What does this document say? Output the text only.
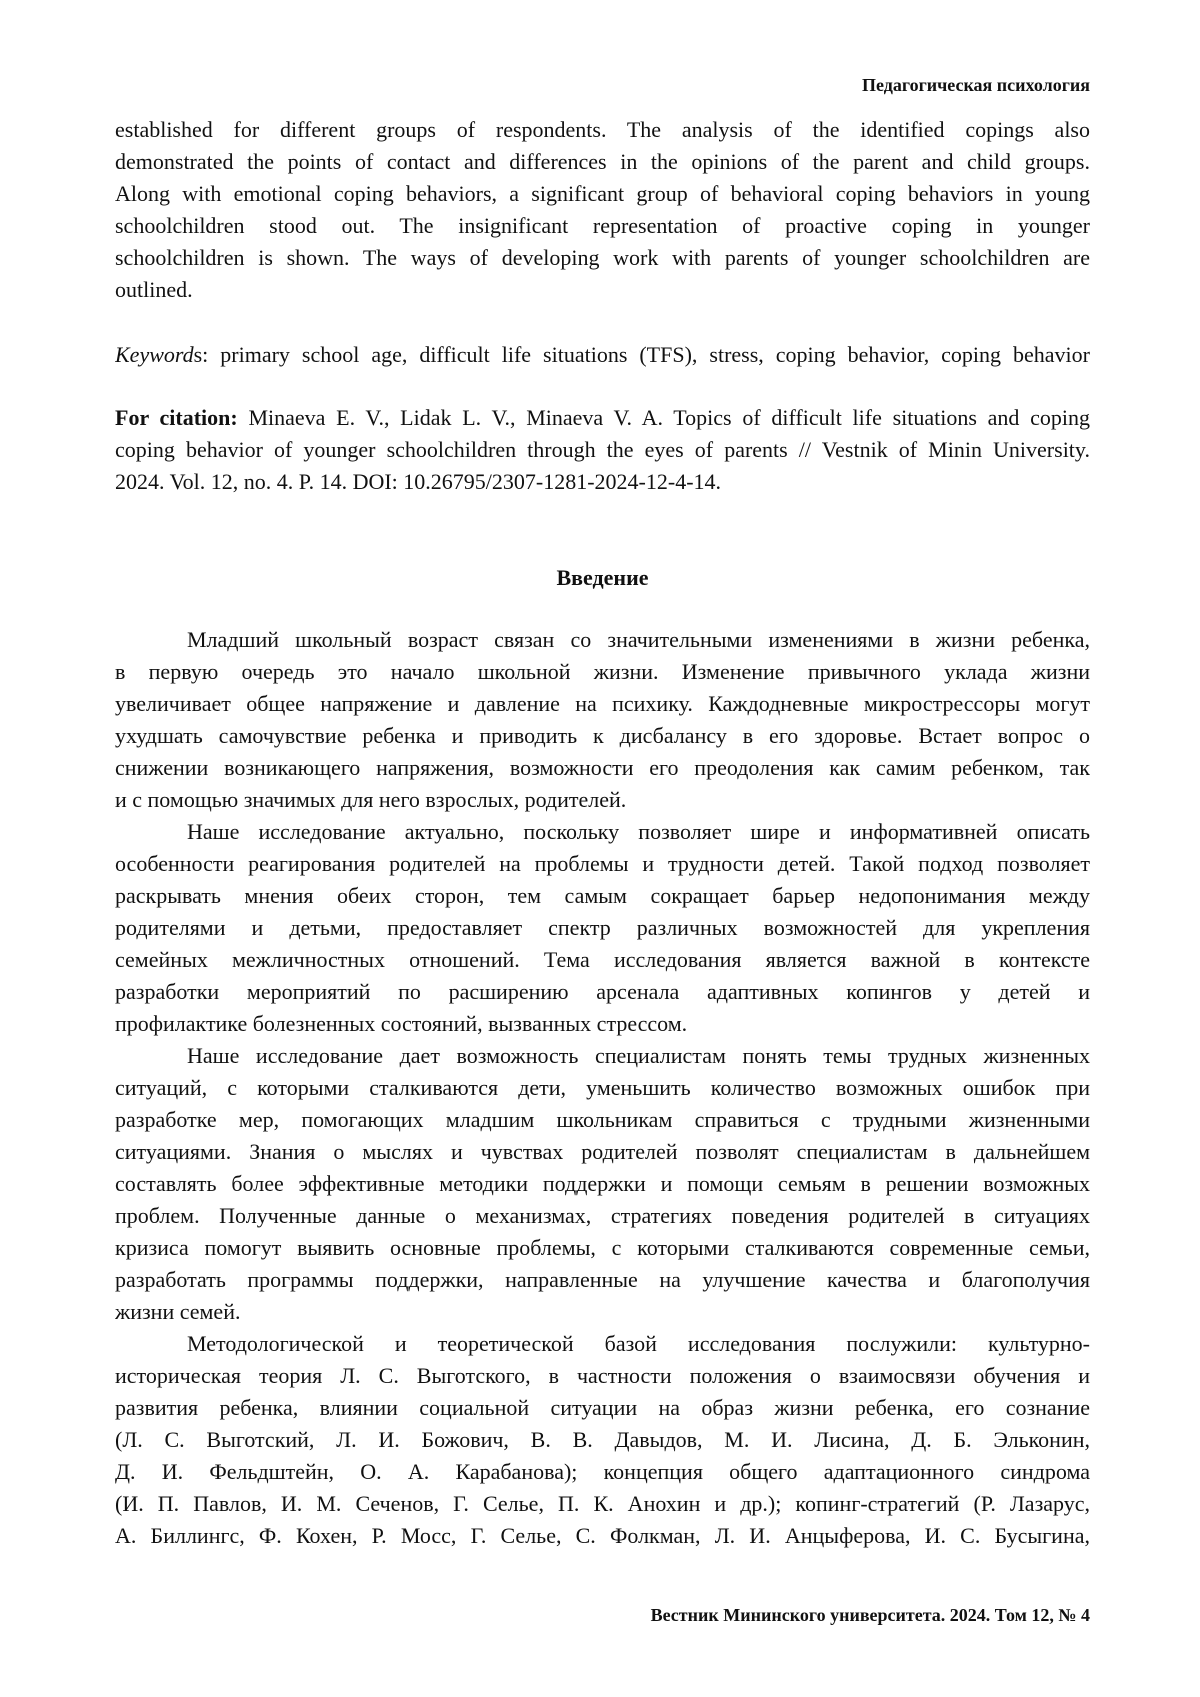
Педагогическая психология
established for different groups of respondents. The analysis of the identified copings also
demonstrated the points of contact and differences in the opinions of the parent and child groups.
Along with emotional coping behaviors, a significant group of behavioral coping behaviors in young
schoolchildren stood out. The insignificant representation of proactive coping in younger
schoolchildren is shown. The ways of developing work with parents of younger schoolchildren are
outlined.
Keywords: primary school age, difficult life situations (TFS), stress, coping behavior, coping behavior
For citation: Minaeva E. V., Lidak L. V., Minaeva V. A. Topics of difficult life situations and coping
coping behavior of younger schoolchildren through the eyes of parents // Vestnik of Minin University.
2024. Vol. 12, no. 4. P. 14. DOI: 10.26795/2307-1281-2024-12-4-14.
Введение
Младший школьный возраст связан со значительными изменениями в жизни ребенка,
в первую очередь это начало школьной жизни. Изменение привычного уклада жизни
увеличивает общее напряжение и давление на психику. Каждодневные микрострессоры могут
ухудшать самочувствие ребенка и приводить к дисбалансу в его здоровье. Встает вопрос о
снижении возникающего напряжения, возможности его преодоления как самим ребенком, так
и с помощью значимых для него взрослых, родителей.
Наше исследование актуально, поскольку позволяет шире и информативней описать
особенности реагирования родителей на проблемы и трудности детей. Такой подход позволяет
раскрывать мнения обеих сторон, тем самым сокращает барьер недопонимания между
родителями и детьми, предоставляет спектр различных возможностей для укрепления
семейных межличностных отношений. Тема исследования является важной в контексте
разработки мероприятий по расширению арсенала адаптивных копингов у детей и
профилактике болезненных состояний, вызванных стрессом.
Наше исследование дает возможность специалистам понять темы трудных жизненных
ситуаций, с которыми сталкиваются дети, уменьшить количество возможных ошибок при
разработке мер, помогающих младшим школьникам справиться с трудными жизненными
ситуациями. Знания о мыслях и чувствах родителей позволят специалистам в дальнейшем
составлять более эффективные методики поддержки и помощи семьям в решении возможных
проблем. Полученные данные о механизмах, стратегиях поведения родителей в ситуациях
кризиса помогут выявить основные проблемы, с которыми сталкиваются современные семьи,
разработать программы поддержки, направленные на улучшение качества и благополучия
жизни семей.
Методологической и теоретической базой исследования послужили: культурно-
историческая теория Л. С. Выготского, в частности положения о взаимосвязи обучения и
развития ребенка, влиянии социальной ситуации на образ жизни ребенка, его сознание
(Л. С. Выготский, Л. И. Божович, В. В. Давыдов, М. И. Лисина, Д. Б. Эльконин,
Д. И. Фельдштейн, О. А. Карабанова); концепция общего адаптационного синдрома
(И. П. Павлов, И. М. Сеченов, Г. Селье, П. К. Анохин и др.); копинг-стратегий (Р. Лазарус,
А. Биллингс, Ф. Кохен, Р. Мосс, Г. Селье, С. Фолкман, Л. И. Анцыферова, И. С. Бусыгина,
Вестник Мининского университета. 2024. Том 12, № 4
